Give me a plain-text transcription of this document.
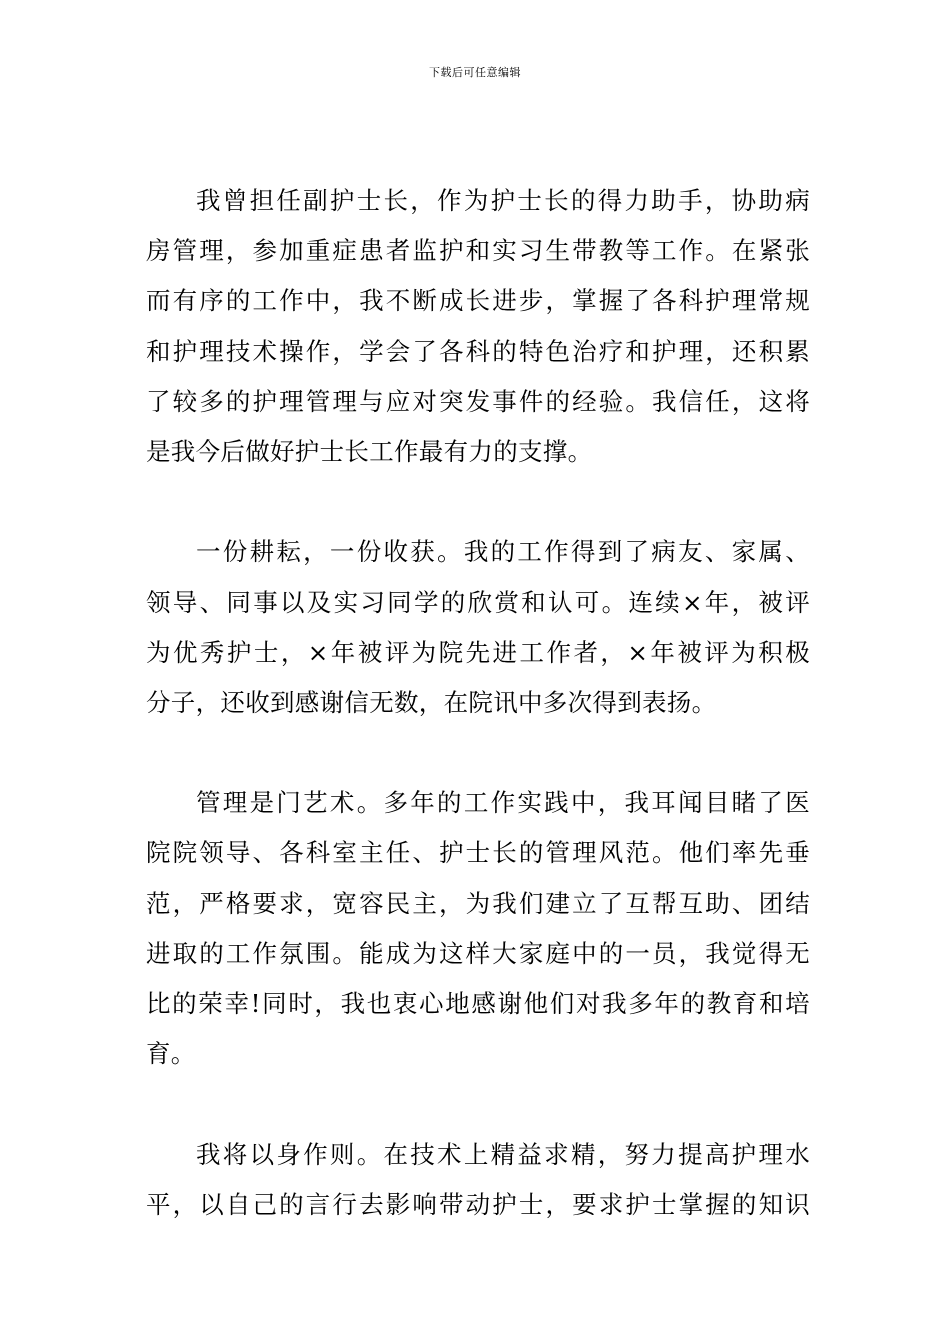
下载后可任意编辑
我曾担任副护士长，作为护士长的得力助手，协助病
房管理，参加重症患者监护和实习生带教等工作。在紧张
而有序的工作中，我不断成长进步，掌握了各科护理常规
和护理技术操作，学会了各科的特色治疗和护理，还积累
了较多的护理管理与应对突发事件的经验。我信任，这将
是我今后做好护士长工作最有力的支撑。
一份耕耘，一份收获。我的工作得到了病友、家属、
领导、同事以及实习同学的欣赏和认可。连续×年，被评
为优秀护士，×年被评为院先进工作者，×年被评为积极
分子，还收到感谢信无数，在院讯中多次得到表扬。
管理是门艺术。多年的工作实践中，我耳闻目睹了医
院院领导、各科室主任、护士长的管理风范。他们率先垂
范，严格要求，宽容民主，为我们建立了互帮互助、团结
进取的工作氛围。能成为这样大家庭中的一员，我觉得无
比的荣幸!同时，我也衷心地感谢他们对我多年的教育和培
育。
我将以身作则。在技术上精益求精，努力提高护理水
平，以自己的言行去影响带动护士，要求护士掌握的知识
